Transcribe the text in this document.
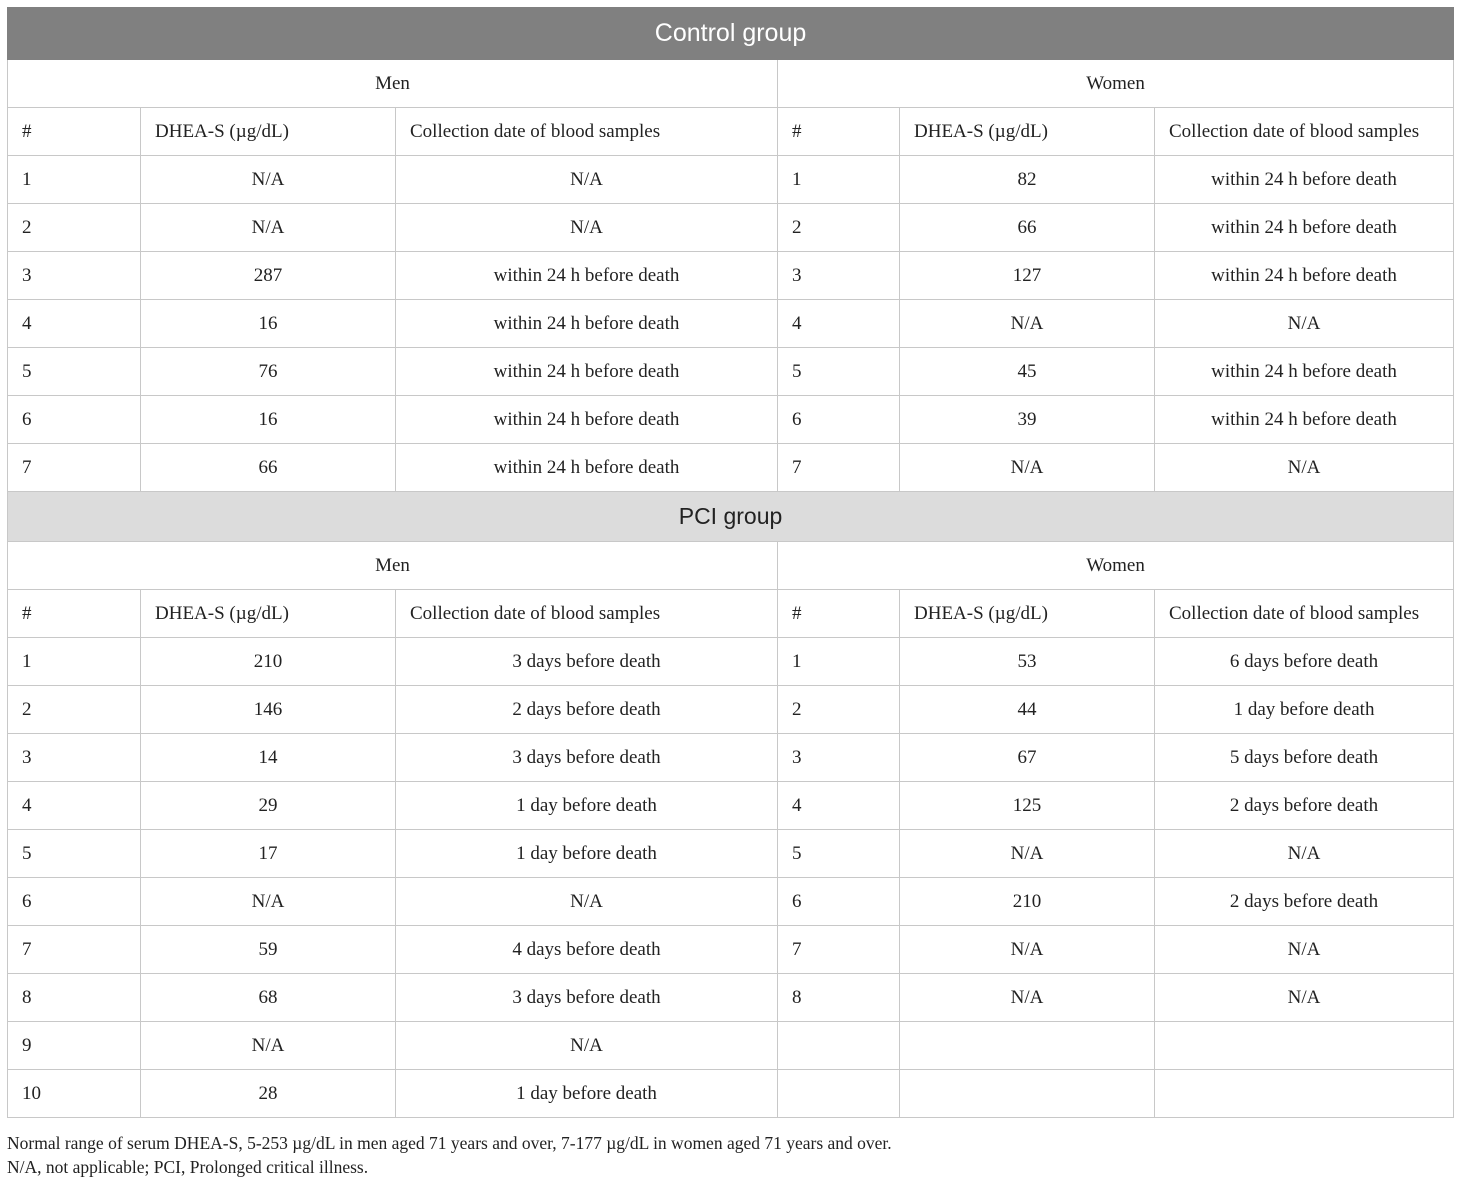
Control group					
Men			Women		
#	DHEA-S (µg/dL)	Collection date of blood samples	#	DHEA-S (µg/dL)	Collection date of blood samples
1	N/A	N/A	1	82	within 24 h before death
2	N/A	N/A	2	66	within 24 h before death
3	287	within 24 h before death	3	127	within 24 h before death
4	16	within 24 h before death	4	N/A	N/A
5	76	within 24 h before death	5	45	within 24 h before death
6	16	within 24 h before death	6	39	within 24 h before death
7	66	within 24 h before death	7	N/A	N/A
PCI group					
Men			Women		
#	DHEA-S (µg/dL)	Collection date of blood samples	#	DHEA-S (µg/dL)	Collection date of blood samples
1	210	3 days before death	1	53	6 days before death
2	146	2 days before death	2	44	1 day before death
3	14	3 days before death	3	67	5 days before death
4	29	1 day before death	4	125	2 days before death
5	17	1 day before death	5	N/A	N/A
6	N/A	N/A	6	210	2 days before death
7	59	4 days before death	7	N/A	N/A
8	68	3 days before death	8	N/A	N/A
9	N/A	N/A			
10	28	1 day before death			
Normal range of serum DHEA-S, 5-253 µg/dL in men aged 71 years and over, 7-177 µg/dL in women aged 71 years and over.
N/A, not applicable; PCI, Prolonged critical illness.
